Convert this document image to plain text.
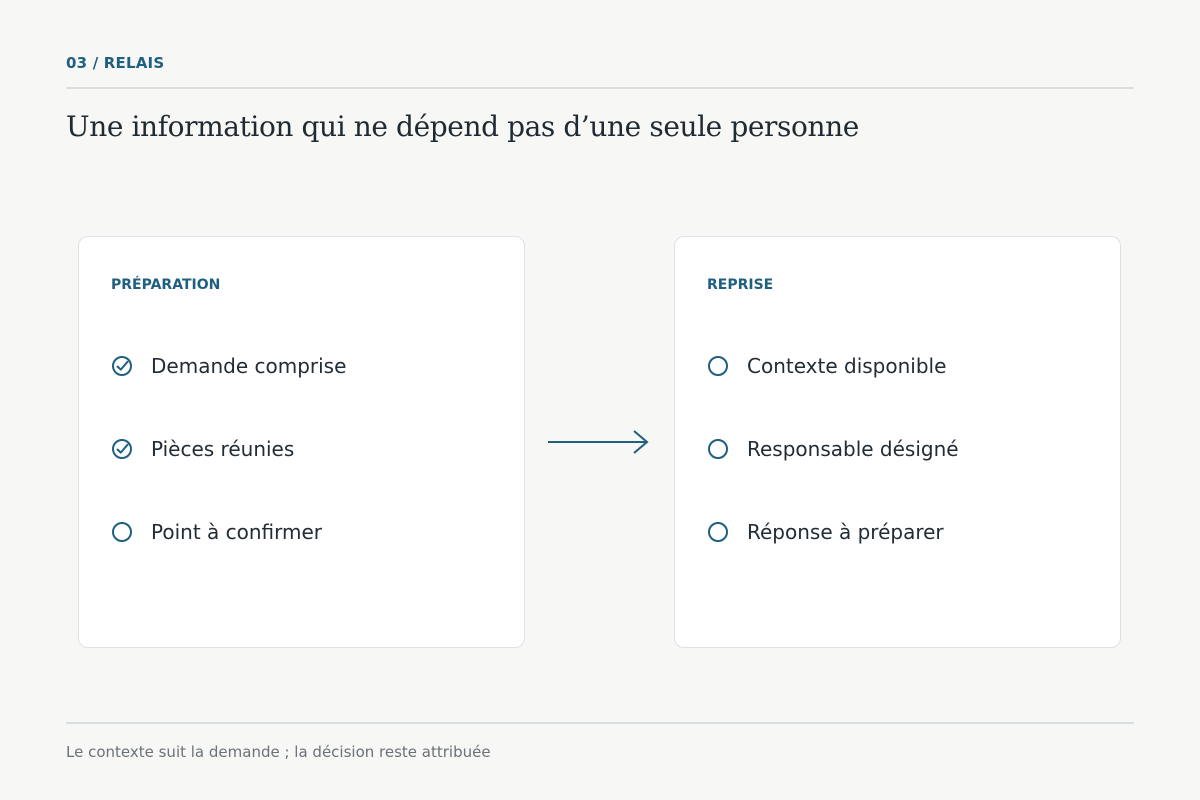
03 / RELAIS
Une information qui ne dépend pas d’une seule personne
PRÉPARATION
Demande comprise
Pièces réunies
Point à confirmer
REPRISE
Contexte disponible
Responsable désigné
Réponse à préparer
Le contexte suit la demande ; la décision reste attribuée
